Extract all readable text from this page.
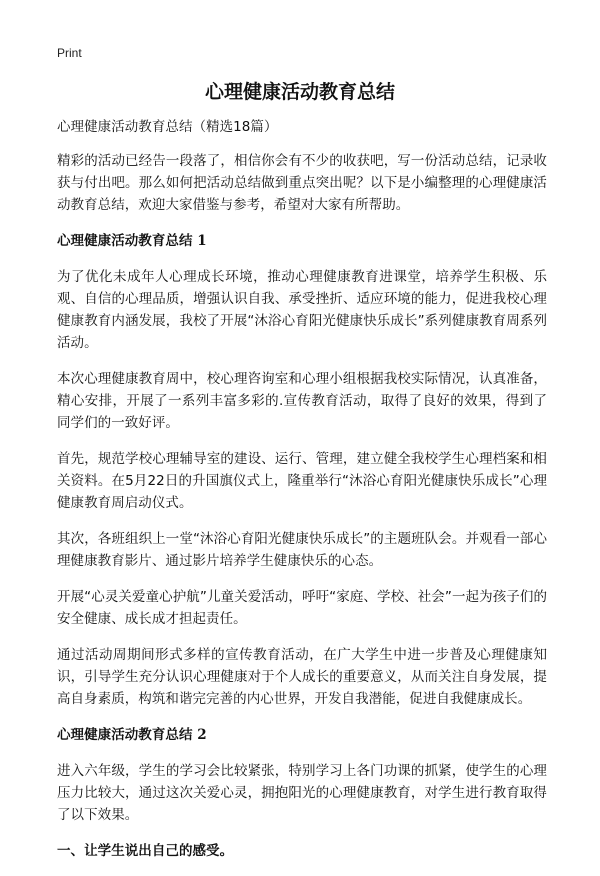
Print
心理健康活动教育总结

心理健康活动教育总结（精选18篇）

精彩的活动已经告一段落了，相信你会有不少的收获吧，写一份活动总结，记录收获与付出吧。那么如何把活动总结做到重点突出呢？以下是小编整理的心理健康活动教育总结，欢迎大家借鉴与参考，希望对大家有所帮助。

心理健康活动教育总结 1

为了优化未成年人心理成长环境，推动心理健康教育进课堂，培养学生积极、乐观、自信的心理品质，增强认识自我、承受挫折、适应环境的能力，促进我校心理健康教育内涵发展，我校了开展“沐浴心育阳光健康快乐成长”系列健康教育周系列活动。

本次心理健康教育周中，校心理咨询室和心理小组根据我校实际情况，认真准备，精心安排，开展了一系列丰富多彩的.宣传教育活动，取得了良好的效果，得到了同学们的一致好评。

首先，规范学校心理辅导室的建设、运行、管理，建立健全我校学生心理档案和相关资料。在5月22日的升国旗仪式上，隆重举行“沐浴心育阳光健康快乐成长”心理健康教育周启动仪式。

其次，各班组织上一堂“沐浴心育阳光健康快乐成长”的主题班队会。并观看一部心理健康教育影片、通过影片培养学生健康快乐的心态。

开展“心灵关爱童心护航”儿童关爱活动，呼吁“家庭、学校、社会”一起为孩子们的安全健康、成长成才担起责任。

通过活动周期间形式多样的宣传教育活动，在广大学生中进一步普及心理健康知识，引导学生充分认识心理健康对于个人成长的重要意义，从而关注自身发展，提高自身素质，构筑和谐完完善的内心世界，开发自我潜能，促进自我健康成长。

心理健康活动教育总结 2

进入六年级，学生的学习会比较紧张，特别学习上各门功课的抓紧，使学生的心理压力比较大，通过这次关爱心灵，拥抱阳光的心理健康教育，对学生进行教育取得了以下效果。

一、让学生说出自己的感受。
